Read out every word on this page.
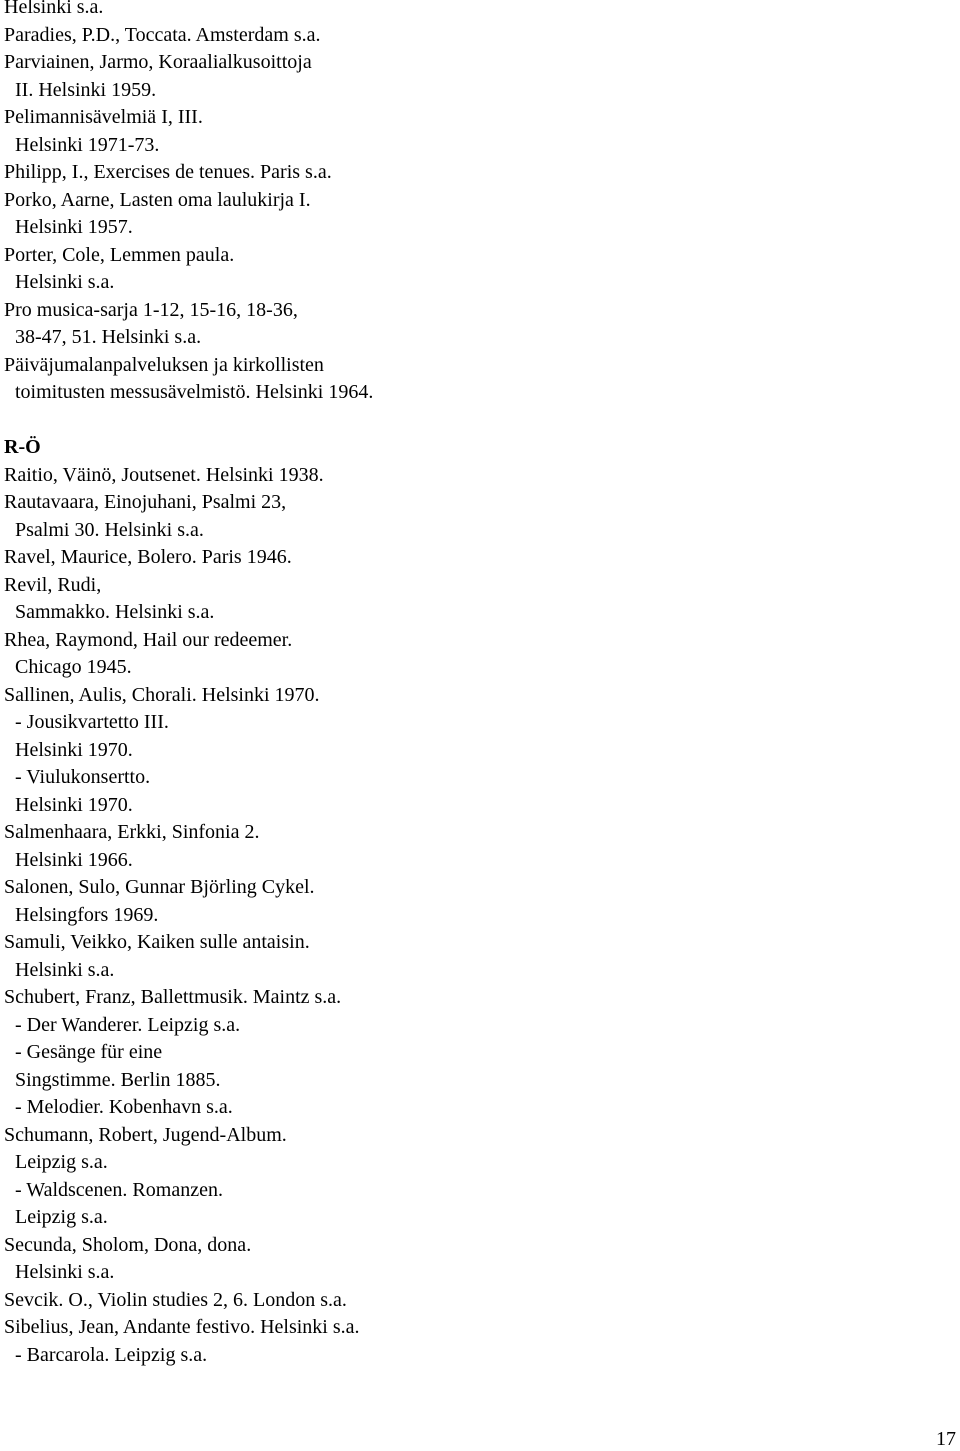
Helsinki s.a.
Paradies, P.D., Toccata. Amsterdam s.a.
Parviainen, Jarmo, Koraalialkusoittoja
II. Helsinki 1959.
Pelimannisävelmiä I, III.
Helsinki 1971-73.
Philipp, I., Exercises de tenues. Paris s.a.
Porko, Aarne, Lasten oma laulukirja I.
Helsinki 1957.
Porter, Cole, Lemmen paula.
Helsinki s.a.
Pro musica-sarja 1-12, 15-16, 18-36,
38-47, 51. Helsinki s.a.
Päiväjumalanpalveluksen ja kirkollisten
toimitusten messusävelmistö. Helsinki 1964.
R-Ö
Raitio, Väinö, Joutsenet. Helsinki 1938.
Rautavaara, Einojuhani, Psalmi 23,
Psalmi 30. Helsinki s.a.
Ravel, Maurice, Bolero. Paris 1946.
Revil, Rudi,
Sammakko. Helsinki s.a.
Rhea, Raymond, Hail our redeemer.
Chicago 1945.
Sallinen, Aulis, Chorali. Helsinki 1970.
- Jousikvartetto III.
Helsinki 1970.
- Viulukonsertto.
Helsinki 1970.
Salmenhaara, Erkki, Sinfonia 2.
Helsinki 1966.
Salonen, Sulo, Gunnar Björling Cykel.
Helsingfors 1969.
Samuli, Veikko, Kaiken sulle antaisin.
Helsinki s.a.
Schubert, Franz, Ballettmusik. Maintz s.a.
- Der Wanderer. Leipzig s.a.
- Gesänge für eine
Singstimme. Berlin 1885.
- Melodier. Kobenhavn s.a.
Schumann, Robert, Jugend-Album.
Leipzig s.a.
- Waldscenen. Romanzen.
Leipzig s.a.
Secunda, Sholom, Dona, dona.
Helsinki s.a.
Sevcik. O., Violin studies 2, 6. London s.a.
Sibelius, Jean, Andante festivo. Helsinki s.a.
- Barcarola. Leipzig s.a.
17
